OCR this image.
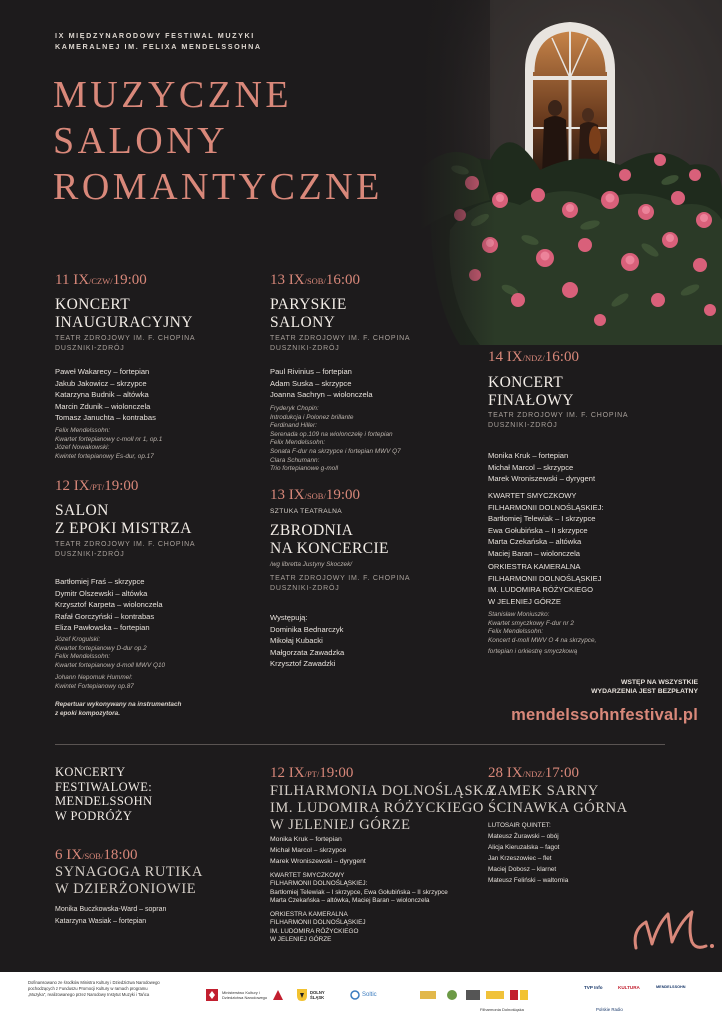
IX MIĘDZYNARODOWY FESTIWAL MUZYKI
KAMERALNEJ IM. FELIXA MENDELSSOHNA
MUZYCZNE
SALONY
ROMANTYCZNE
11 IX/CZW/19:00
KONCERT
INAUGURACYJNY
TEATR ZDROJOWY IM. F. CHOPINA
DUSZNIKI-ZDRÓJ
Paweł Wakarecy – fortepian
Jakub Jakowicz – skrzypce
Katarzyna Budnik – altówka
Marcin Zdunik – wiolonczela
Tomasz Januchta – kontrabas
Felix Mendelssohn:
Kwartet fortepianowy c-moll nr 1, op.1
Józef Nowakowski:
Kwintet fortepianowy Es-dur, op.17
12 IX/PT/19:00
SALON
Z EPOKI MISTRZA
TEATR ZDROJOWY IM. F. CHOPINA
DUSZNIKI-ZDRÓJ
Bartłomiej Fraś – skrzypce
Dymitr Olszewski – altówka
Krzysztof Karpeta – wiolonczela
Rafał Gorczyński – kontrabas
Eliza Pawłowska – fortepian
Józef Krogulski:
Kwartet fortepianowy D-dur op.2
Felix Mendelssohn:
Kwartet fortepianowy d-moll MWV Q10
Johann Nepomuk Hummel:
Kwintet Fortepianowy op.87
Repertuar wykonywany na instrumentach
z epoki kompozytora.
13 IX/SOB/16:00
PARYSKIE
SALONY
TEATR ZDROJOWY IM. F. CHOPINA
DUSZNIKI-ZDRÓJ
Paul Rivinius – fortepian
Adam Suska – skrzypce
Joanna Sachryn – wiolonczela
Fryderyk Chopin:
Introdukcja i Polonez brillante
Ferdinand Hiller:
Serenada op.109 na wiolonczelę i fortepian
Felix Mendelssohn:
Sonata F-dur na skrzypce i fortepian MWV Q7
Clara Schumann:
Trio fortepianowe g-moll
13 IX/SOB/19:00
SZTUKA TEATRALNA
ZBRODNIA
NA KONCERCIE
/wg libretta Justyny Skoczek/
TEATR ZDROJOWY IM. F. CHOPINA
DUSZNIKI-ZDRÓJ
Występują:
Dominika Bednarczyk
Mikołaj Kubacki
Małgorzata Zawadzka
Krzysztof Zawadzki
14 IX/NDZ/16:00
KONCERT
FINAŁOWY
TEATR ZDROJOWY IM. F. CHOPINA
DUSZNIKI-ZDRÓJ
Monika Kruk – fortepian
Michał Marcol – skrzypce
Marek Wroniszewski – dyrygent
KWARTET SMYCZKOWY
FILHARMONII DOLNOŚLĄSKIEJ:
Bartłomiej Telewiak – I skrzypce
Ewa Gołubińska – II skrzypce
Marta Czekańska – altówka
Maciej Baran – wiolonczela
ORKIESTRA KAMERALNA
FILHARMONII DOLNOŚLĄSKIEJ
IM. LUDOMIRA RÓŻYCKIEGO
W JELENIEJ GÓRZE
Stanisław Moniuszko:
Kwartet smyczkowy F-dur nr 2
Felix Mendelssohn:
Koncert d-moll MWV O 4 na skrzypce,
fortepian i orkiestrę smyczkową
WSTĘP NA WSZYSTKIE
WYDARZENIA JEST BEZPŁATNY
mendelssohnfestival.pl
KONCERTY
FESTIWALOWE:
MENDELSSOHN
W PODRÓŻY
6 IX/SOB/18:00
SYNAGOGA RUTIKA
W DZIERŻONIOWIE
Monika Buczkowska-Ward – sopran
Katarzyna Wasiak – fortepian
12 IX/PT/19:00
FILHARMONIA DOLNOŚLĄSKA
IM. LUDOMIRA RÓŻYCKIEGO
W JELENIEJ GÓRZE
Monika Kruk – fortepian
Michał Marcol – skrzypce
Marek Wroniszewski – dyrygent
KWARTET SMYCZKOWY
FILHARMONII DOLNOŚLĄSKIEJ:
Bartłomiej Telewiak – I skrzypce, Ewa Gołubińska – II skrzypce
Marta Czekańska – altówka, Maciej Baran – wiolonczela
ORKIESTRA KAMERALNA
FILHARMONII DOLNOŚLĄSKIEJ
IM. LUDOMIRA RÓŻYCKIEGO
W JELENIEJ GÓRZE
28 IX/NDZ/17:00
ZAMEK SARNY
ŚCINAWKA GÓRNA
LUTOSAIR QUINTET:
Mateusz Żurawski – obój
Alicja Kieruzalska – fagot
Jan Krzeszowiec – flet
Maciej Dobosz – klarnet
Mateusz Feliński – waltornia
Dofinansowano ze środków Ministra Kultury i Dziedzictwa Narodowego
pochodzących z Funduszu Promocji Kultury w ramach programu
„Muzyka”, realizowanego przez Narodowy Instytut Muzyki i Tańca	Ministerstwo Kultury i Dziedzictwa Narodowego
DOLNY ŚLĄSK	Soltic
Filharmonia Dolnośląska
TVP Info	KULTURA
Polskie Radio
MENDELSSOHN
